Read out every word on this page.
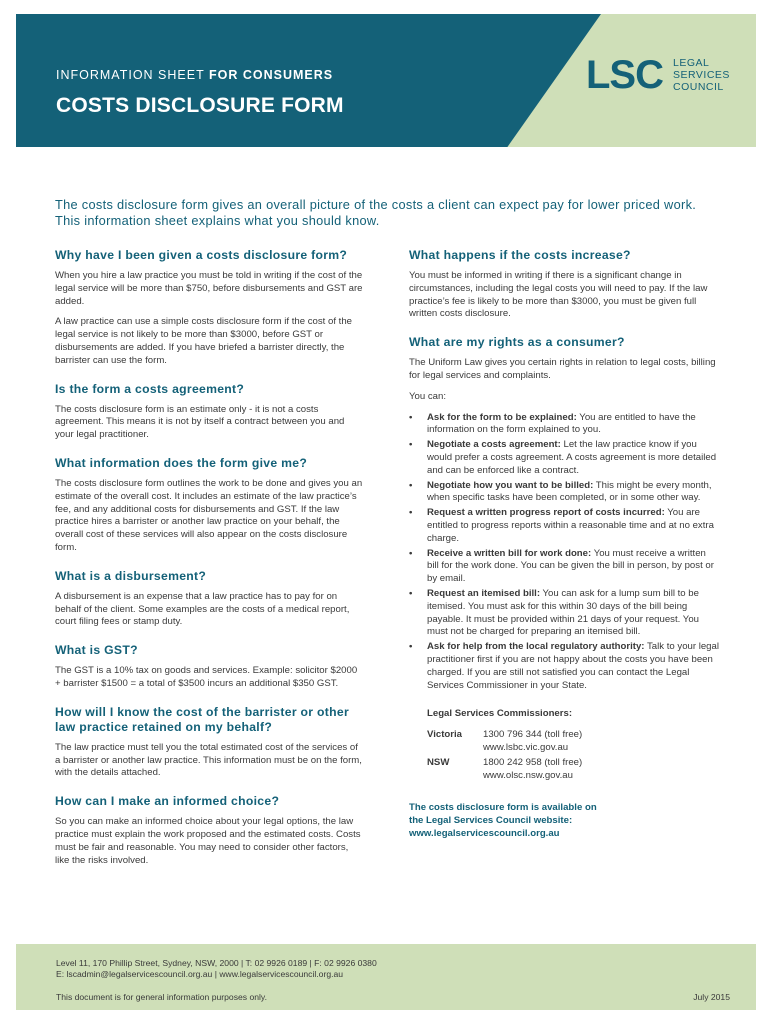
INFORMATION SHEET FOR CONSUMERS
COSTS DISCLOSURE FORM
LSC LEGAL
SERVICES
COUNCIL
The costs disclosure form gives an overall picture of the costs a client can expect pay for lower priced work. This information sheet explains what you should know.
Why have I been given a costs disclosure form?

When you hire a law practice you must be told in writing if the cost of the legal service will be more than $750, before disbursements and GST are added.

A law practice can use a simple costs disclosure form if the cost of the legal service is not likely to be more than $3000, before GST or disbursements are added. If you have briefed a barrister directly, the barrister can use the form.

Is the form a costs agreement?

The costs disclosure form is an estimate only - it is not a costs agreement. This means it is not by itself a contract between you and your legal practitioner.

What information does the form give me?

The costs disclosure form outlines the work to be done and gives you an estimate of the overall cost. It includes an estimate of the law practice’s fee, and any additional costs for disbursements and GST. If the law practice hires a barrister or another law practice on your behalf, the overall cost of these services will also appear on the costs disclosure form.

What is a disbursement?

A disbursement is an expense that a law practice has to pay for on behalf of the client. Some examples are the costs of a medical report, court filing fees or stamp duty.

What is GST?

The GST is a 10% tax on goods and services. Example: solicitor $2000 + barrister $1500 = a total of $3500 incurs an additional $350 GST.

How will I know the cost of the barrister or other law practice retained on my behalf?

The law practice must tell you the total estimated cost of the services of a barrister or another law practice. This information must be on the form, with the details attached.

How can I make an informed choice?

So you can make an informed choice about your legal options, the law practice must explain the work proposed and the estimated costs. Costs must be fair and reasonable. You may need to consider other factors, like the risks involved.

What happens if the costs increase?

You must be informed in writing if there is a significant change in circumstances, including the legal costs you will need to pay. If the law practice’s fee is likely to be more than $3000, you must be given full written costs disclosure.

What are my rights as a consumer?

The Uniform Law gives you certain rights in relation to legal costs, billing for legal services and complaints.

You can:

• Ask for the form to be explained: You are entitled to have the information on the form explained to you.
• Negotiate a costs agreement: Let the law practice know if you would prefer a costs agreement. A costs agreement is more detailed and can be enforced like a contract.
• Negotiate how you want to be billed: This might be every month, when specific tasks have been completed, or in some other way.
• Request a written progress report of costs incurred: You are entitled to progress reports within a reasonable time and at no extra charge.
• Receive a written bill for work done: You must receive a written bill for the work done. You can be given the bill in person, by post or by email.
• Request an itemised bill: You can ask for a lump sum bill to be itemised. You must ask for this within 30 days of the bill being payable. It must be provided within 21 days of your request. You must not be charged for preparing an itemised bill.
• Ask for help from the local regulatory authority: Talk to your legal practitioner first if you are not happy about the costs you have been charged. If you are still not satisfied you can contact the Legal Services Commissioner in your State.
Legal Services Commissioners:
Victoria	1300 796 344 (toll free)
www.lsbc.vic.gov.au
NSW	1800 242 958 (toll free)
www.olsc.nsw.gov.au
The costs disclosure form is available on
the Legal Services Council website:
www.legalservicescouncil.org.au
Level 11, 170 Phillip Street, Sydney, NSW, 2000 | T: 02 9926 0189 | F: 02 9926 0380
E: lscadmin@legalservicescouncil.org.au | www.legalservicescouncil.org.au
This document is for general information purposes only.	July 2015
